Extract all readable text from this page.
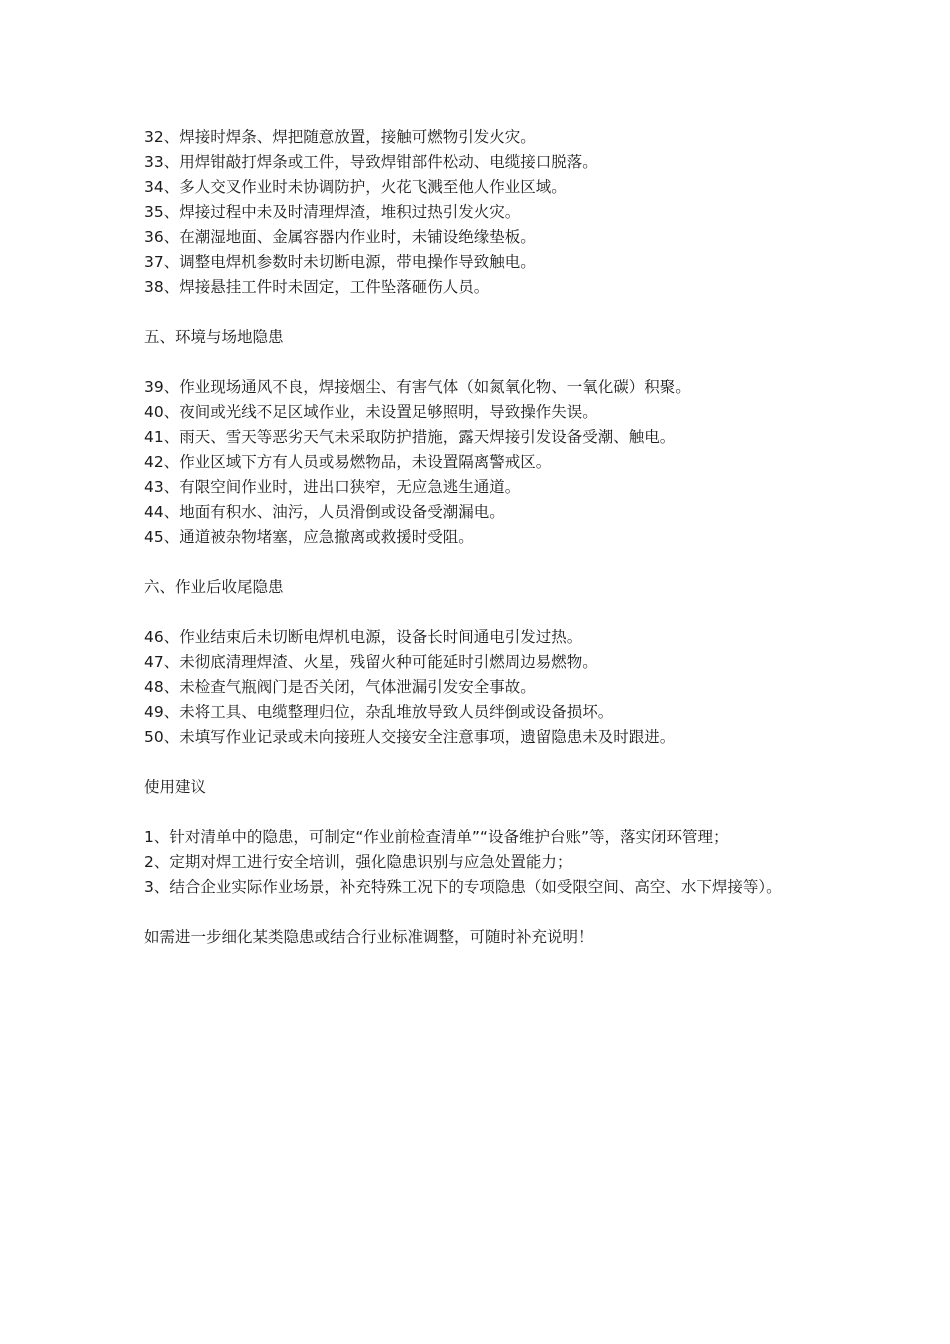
32、焊接时焊条、焊把随意放置，接触可燃物引发火灾。
33、用焊钳敲打焊条或工件，导致焊钳部件松动、电缆接口脱落。
34、多人交叉作业时未协调防护，火花飞溅至他人作业区域。
35、焊接过程中未及时清理焊渣，堆积过热引发火灾。
36、在潮湿地面、金属容器内作业时，未铺设绝缘垫板。
37、调整电焊机参数时未切断电源，带电操作导致触电。
38、焊接悬挂工件时未固定，工件坠落砸伤人员。
五、环境与场地隐患
39、作业现场通风不良，焊接烟尘、有害气体（如氮氧化物、一氧化碳）积聚。
40、夜间或光线不足区域作业，未设置足够照明，导致操作失误。
41、雨天、雪天等恶劣天气未采取防护措施，露天焊接引发设备受潮、触电。
42、作业区域下方有人员或易燃物品，未设置隔离警戒区。
43、有限空间作业时，进出口狭窄，无应急逃生通道。
44、地面有积水、油污，人员滑倒或设备受潮漏电。
45、通道被杂物堵塞，应急撤离或救援时受阻。
六、作业后收尾隐患
46、作业结束后未切断电焊机电源，设备长时间通电引发过热。
47、未彻底清理焊渣、火星，残留火种可能延时引燃周边易燃物。
48、未检查气瓶阀门是否关闭，气体泄漏引发安全事故。
49、未将工具、电缆整理归位，杂乱堆放导致人员绊倒或设备损坏。
50、未填写作业记录或未向接班人交接安全注意事项，遗留隐患未及时跟进。
使用建议
1、针对清单中的隐患，可制定“作业前检查清单”“设备维护台账”等，落实闭环管理；
2、定期对焊工进行安全培训，强化隐患识别与应急处置能力；
3、结合企业实际作业场景，补充特殊工况下的专项隐患（如受限空间、高空、水下焊接等）。
如需进一步细化某类隐患或结合行业标准调整，可随时补充说明！
